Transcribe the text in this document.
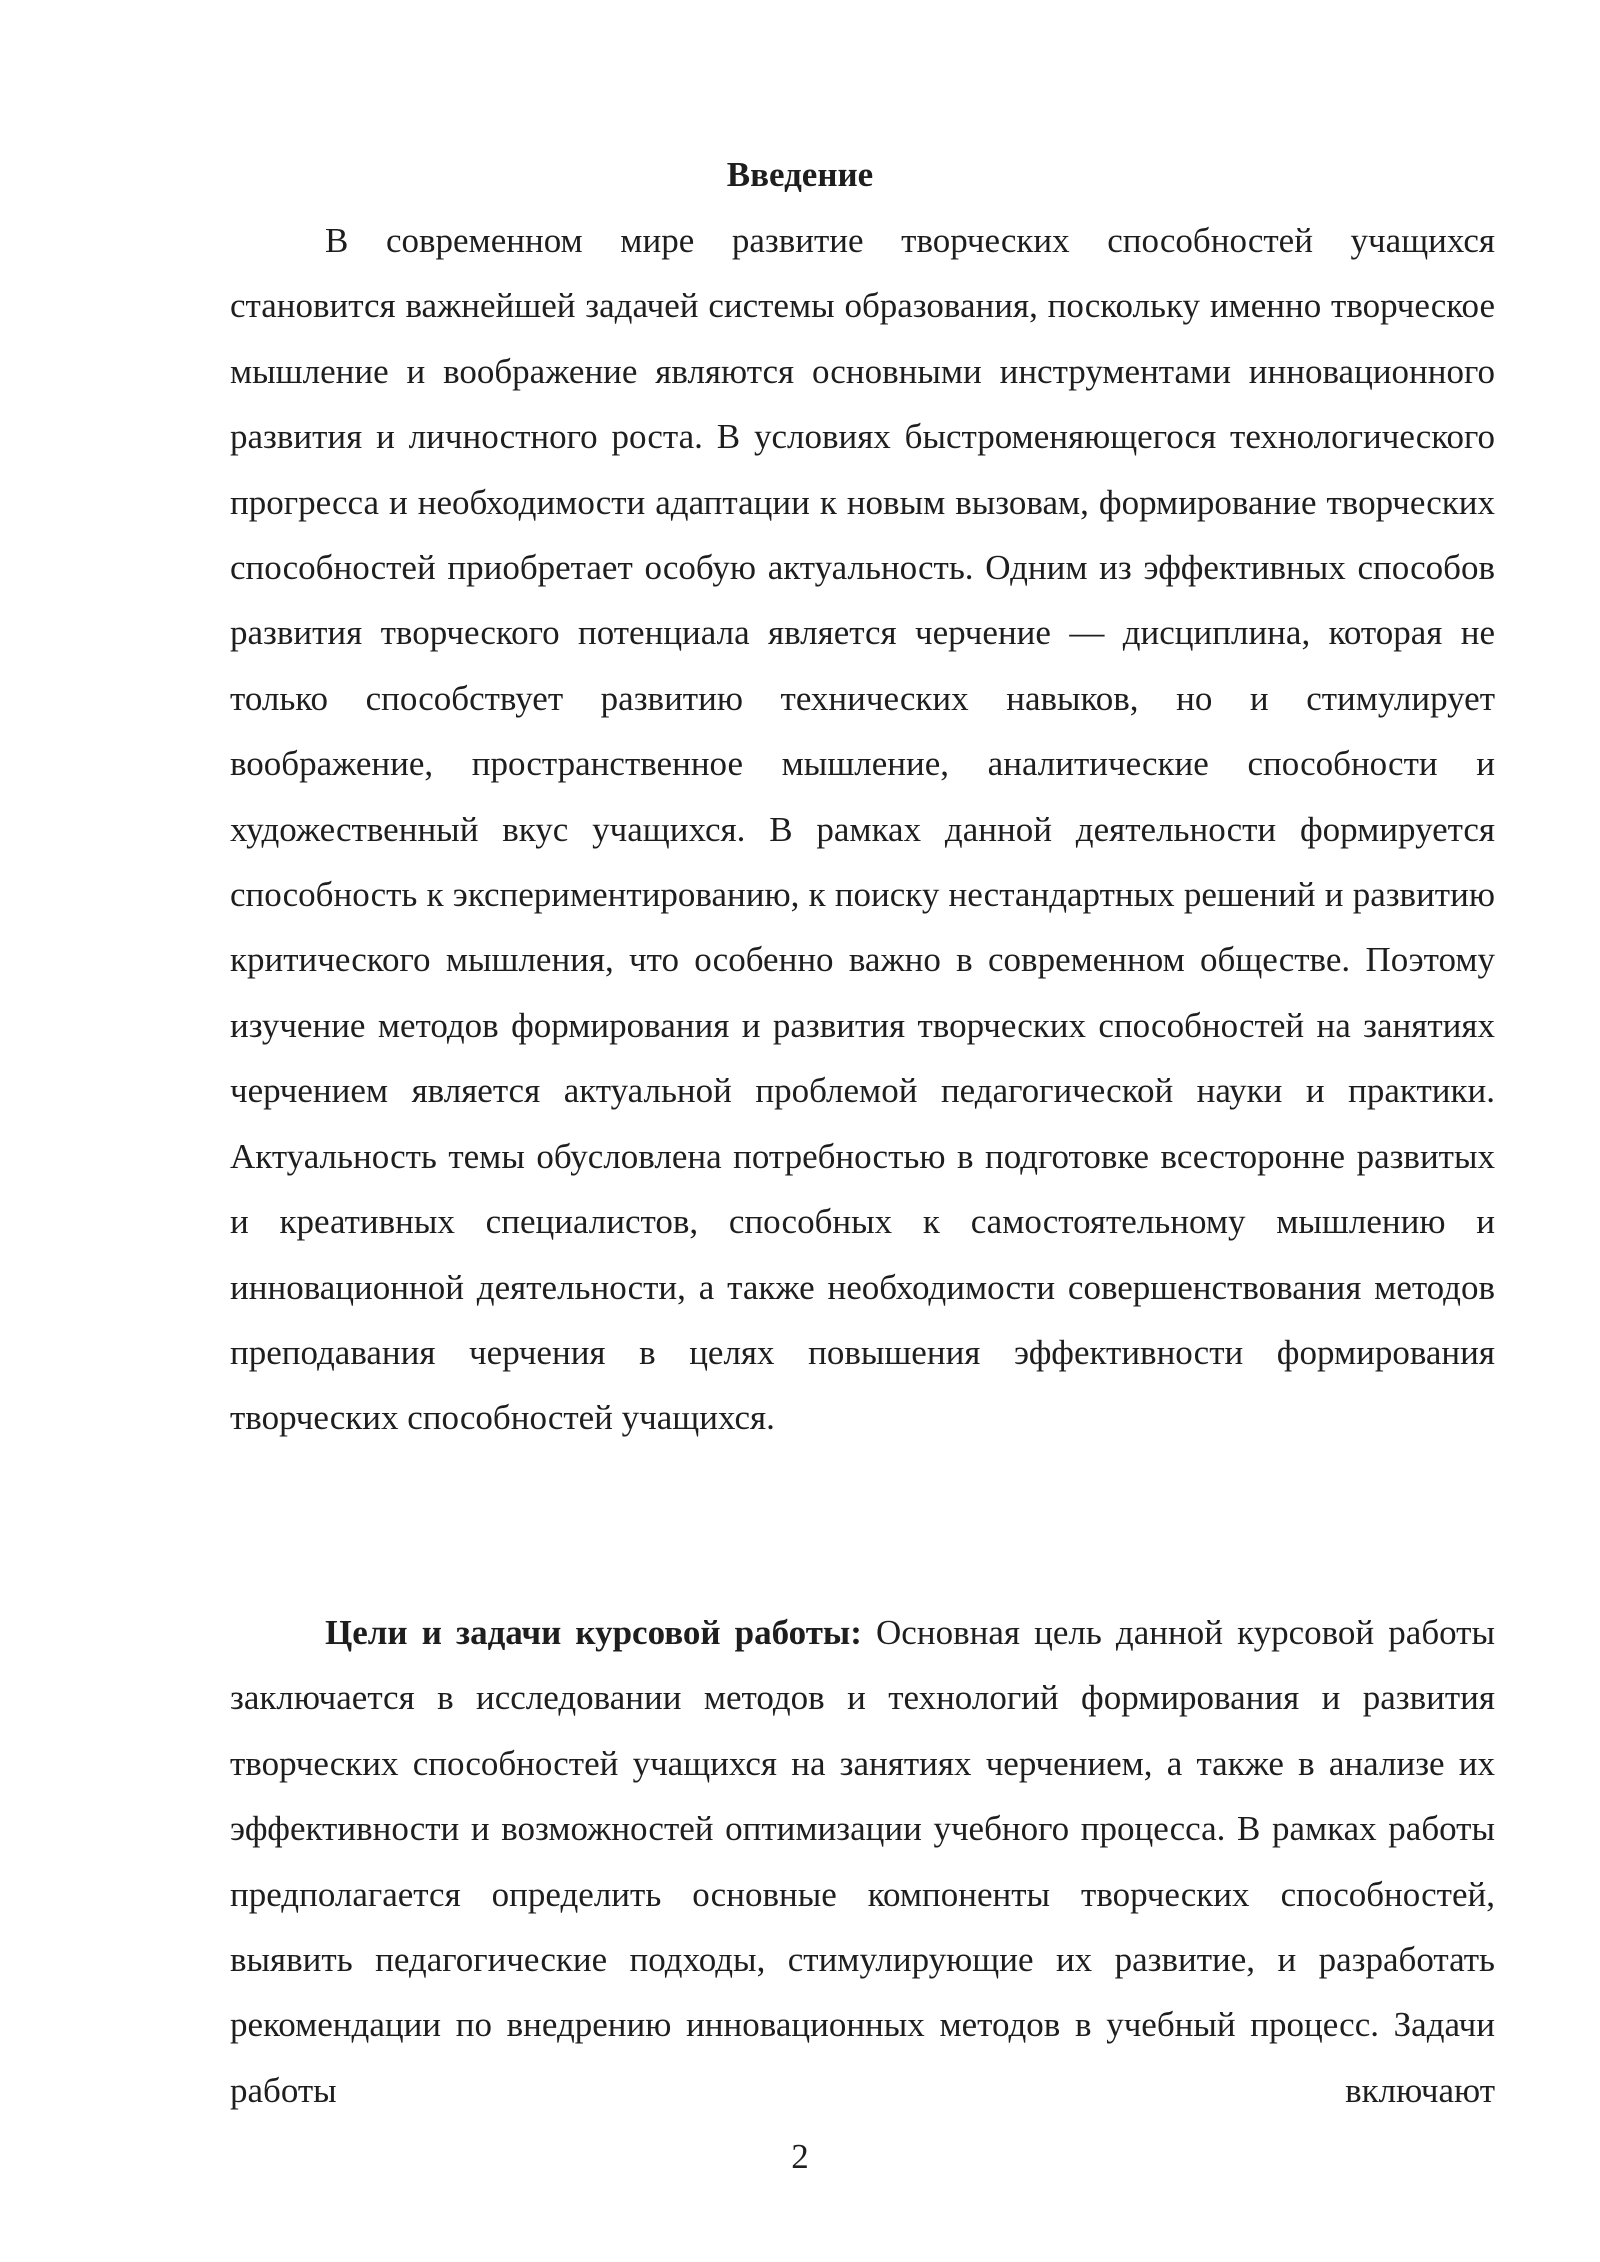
Введение

В современном мире развитие творческих способностей учащихся становится важнейшей задачей системы образования, поскольку именно творческое мышление и воображение являются основными инструментами инновационного развития и личностного роста. В условиях быстроменяющегося технологического прогресса и необходимости адаптации к новым вызовам, формирование творческих способностей приобретает особую актуальность. Одним из эффективных способов развития творческого потенциала является черчение — дисциплина, которая не только способствует развитию технических навыков, но и стимулирует воображение, пространственное мышление, аналитические способности и художественный вкус учащихся. В рамках данной деятельности формируется способность к экспериментированию, к поиску нестандартных решений и развитию критического мышления, что особенно важно в современном обществе. Поэтому изучение методов формирования и развития творческих способностей на занятиях черчением является актуальной проблемой педагогической науки и практики. Актуальность темы обусловлена потребностью в подготовке всесторонне развитых и креативных специалистов, способных к самостоятельному мышлению и инновационной деятельности, а также необходимости совершенствования методов преподавания черчения в целях повышения эффективности формирования творческих способностей учащихся.

Цели и задачи курсовой работы: Основная цель данной курсовой работы заключается в исследовании методов и технологий формирования и развития творческих способностей учащихся на занятиях черчением, а также в анализе их эффективности и возможностей оптимизации учебного процесса. В рамках работы предполагается определить основные компоненты творческих способностей, выявить педагогические подходы, стимулирующие их развитие, и разработать рекомендации по внедрению инновационных методов в учебный процесс. Задачи работы включают

2
